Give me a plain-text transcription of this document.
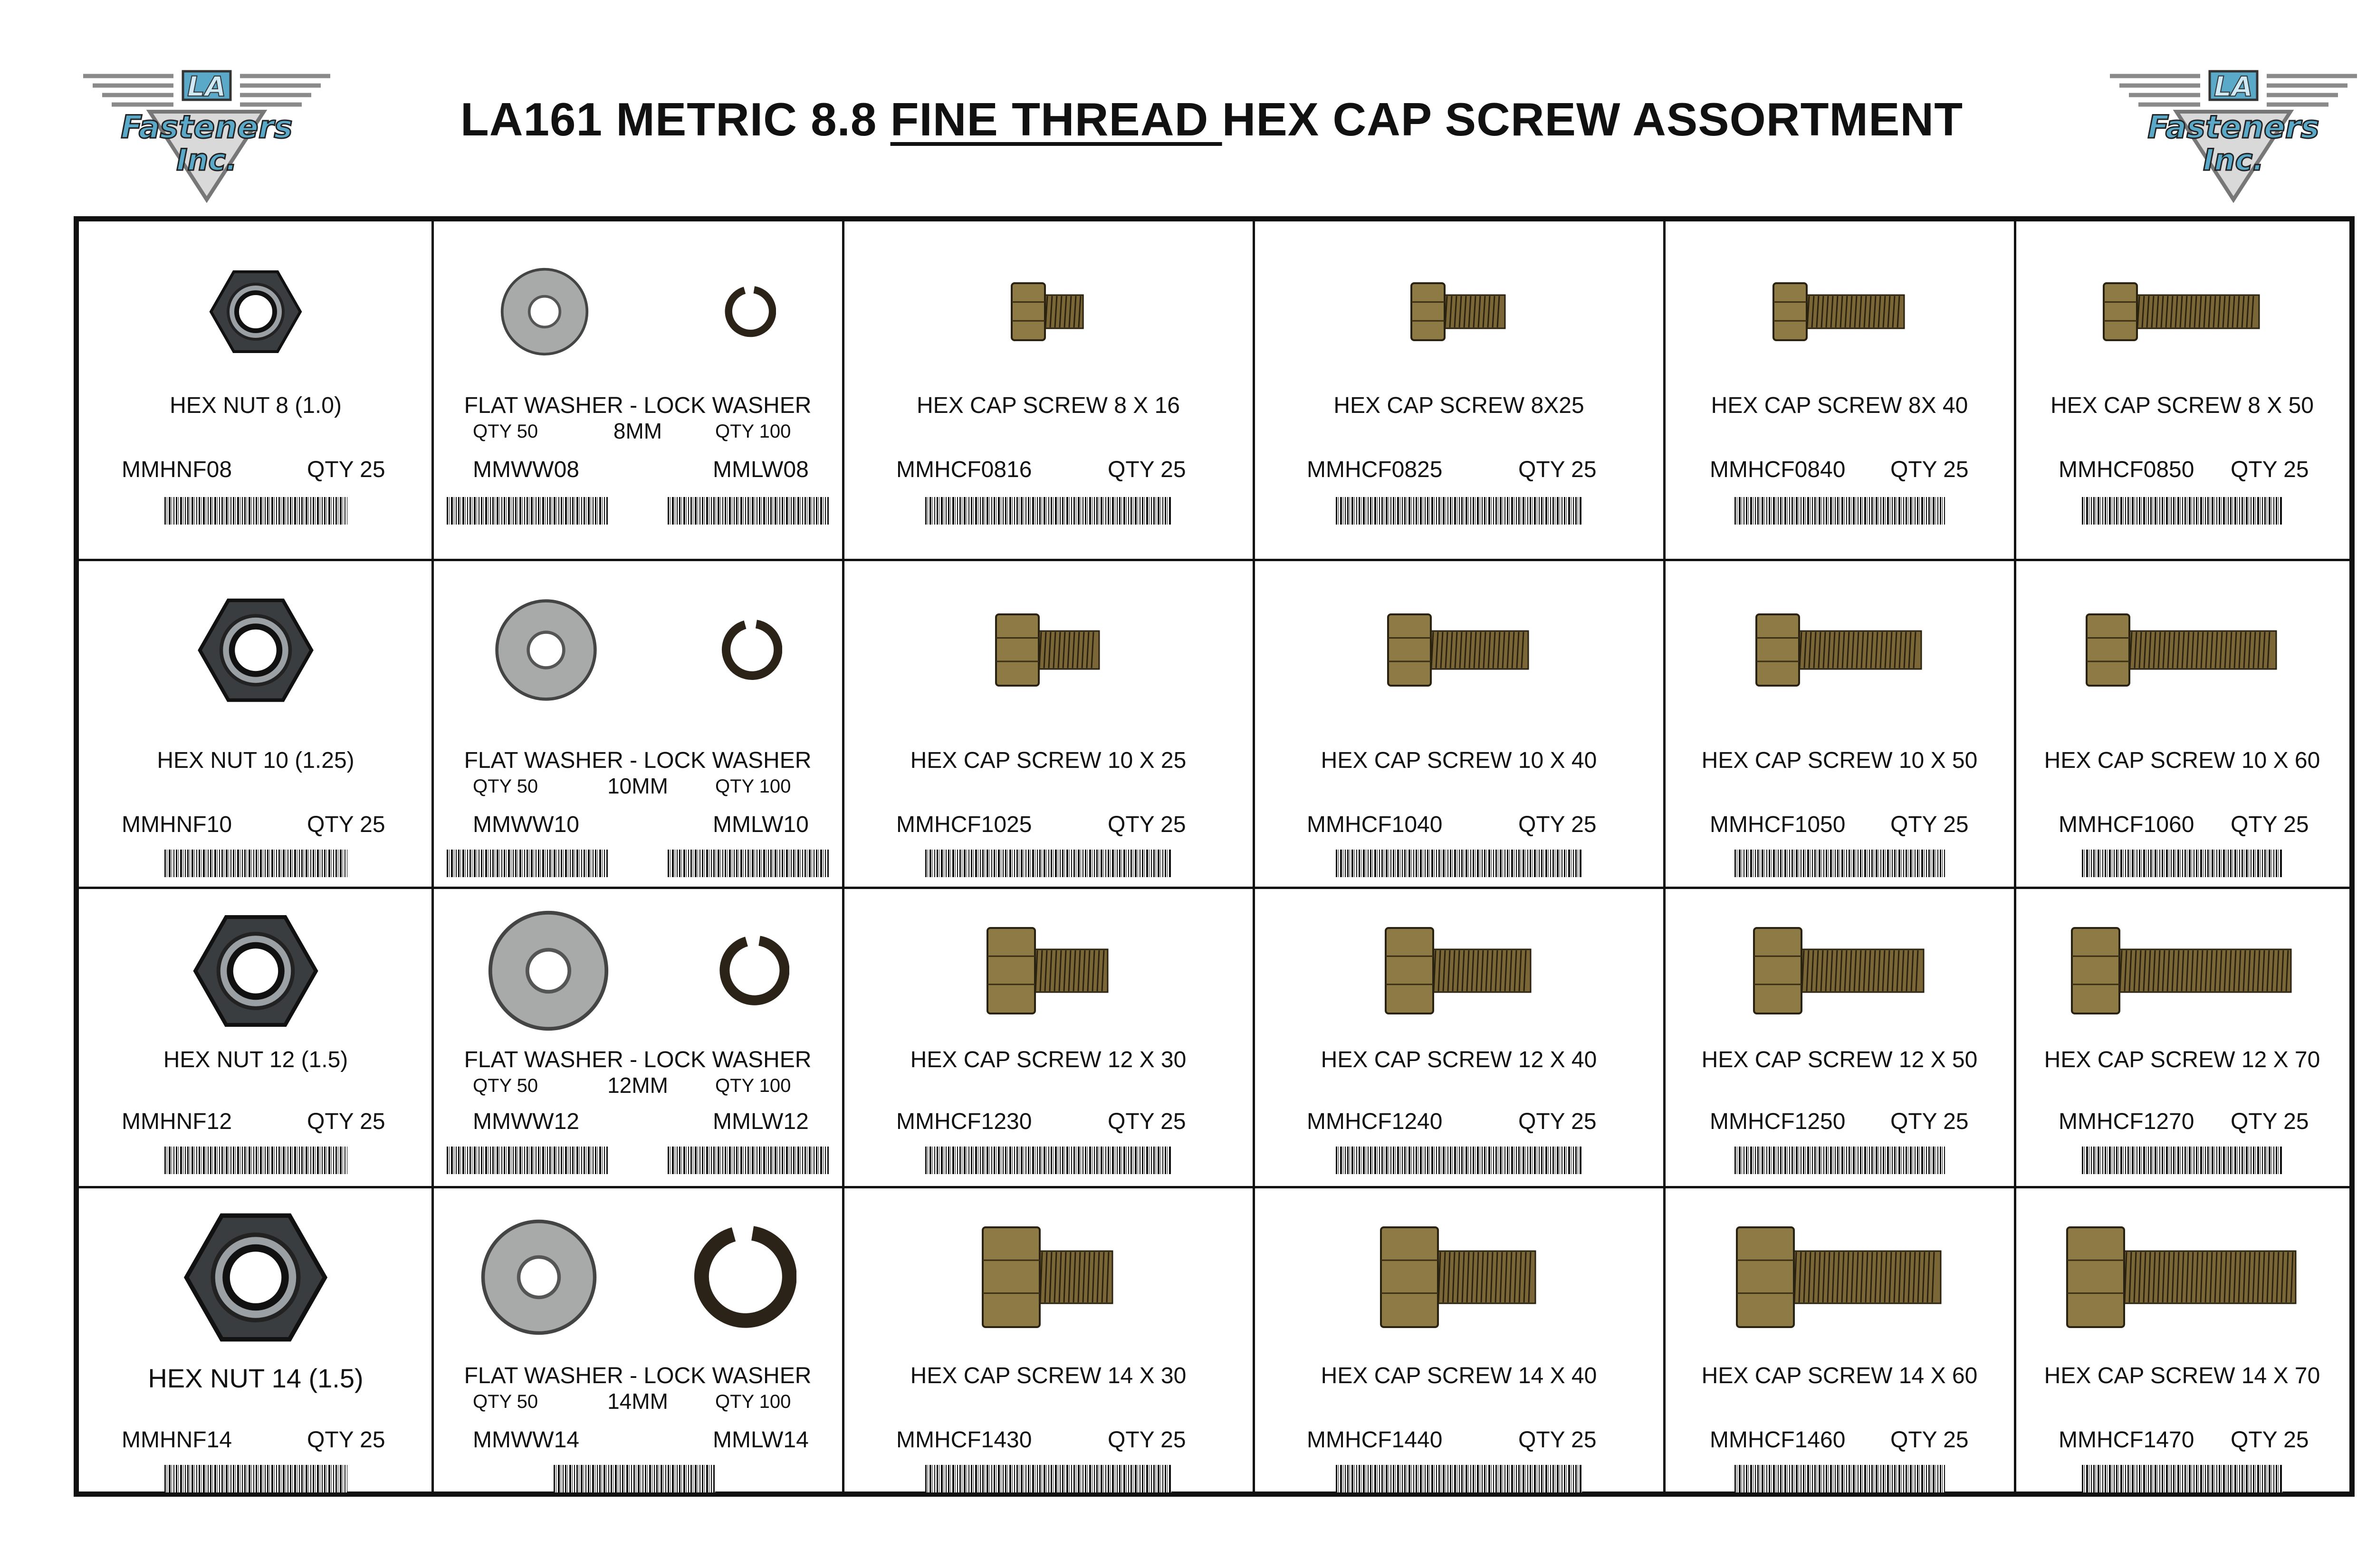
LA
Fasteners
Inc.
LA161 METRIC 8.8 FINE THREAD HEX CAP SCREW ASSORTMENT
LA
Fasteners
Inc.
HEX NUT 8 (1.0)
MMHNF08	QTY 25
FLAT WASHER - LOCK WASHER
QTY 50	8MM	QTY 100
MMWW08	MMLW08
HEX CAP SCREW 8 X 16
MMHCF0816	QTY 25
HEX CAP SCREW 8X25
MMHCF0825	QTY 25
HEX CAP SCREW 8X 40
MMHCF0840 QTY 25
HEX CAP SCREW 8 X 50
MMHCF0850 QTY 25
HEX NUT 10 (1.25)
MMHNF10	QTY 25
FLAT WASHER - LOCK WASHER
QTY 50	10MM	QTY 100
MMWW10	MMLW10
HEX CAP SCREW 10 X 25
MMHCF1025	QTY 25
HEX CAP SCREW 10 X 40
MMHCF1040	QTY 25
HEX CAP SCREW 10 X 50
MMHCF1050 QTY 25
HEX CAP SCREW 10 X 60
MMHCF1060 QTY 25
HEX NUT 12 (1.5)
MMHNF12	QTY 25
FLAT WASHER - LOCK WASHER
QTY 50	12MM	QTY 100
MMWW12	MMLW12
HEX CAP SCREW 12 X 30
MMHCF1230	QTY 25
HEX CAP SCREW 12 X 40
MMHCF1240	QTY 25
HEX CAP SCREW 12 X 50
MMHCF1250 QTY 25
HEX CAP SCREW 12 X 70
MMHCF1270 QTY 25
HEX NUT 14 (1.5)
MMHNF14	QTY 25
FLAT WASHER - LOCK WASHER
QTY 50	14MM	QTY 100
MMWW14	MMLW14
HEX CAP SCREW 14 X 30
MMHCF1430	QTY 25
HEX CAP SCREW 14 X 40
MMHCF1440	QTY 25
HEX CAP SCREW 14 X 60
MMHCF1460 QTY 25
HEX CAP SCREW 14 X 70
MMHCF1470 QTY 25
